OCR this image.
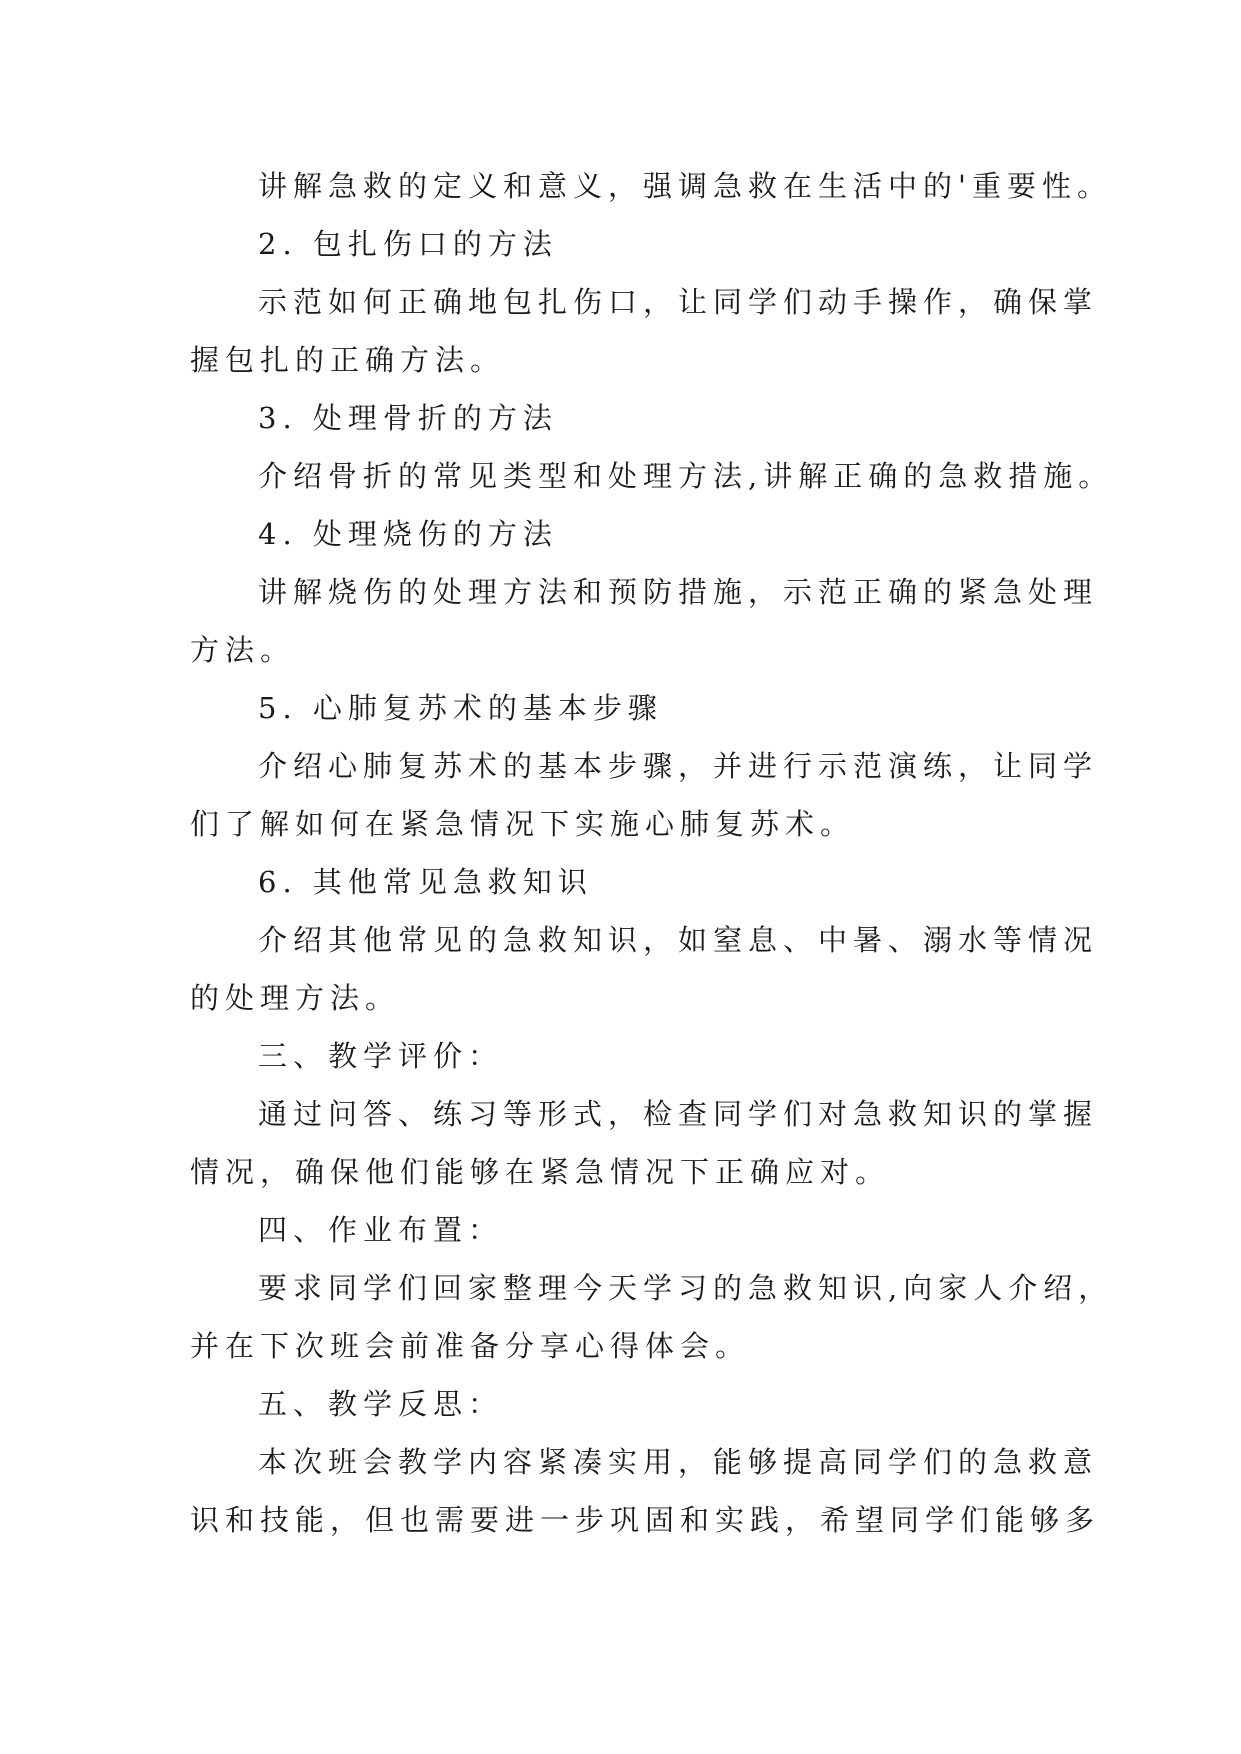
讲解急救的定义和意义，强调急救在生活中的'重要性。
2. 包扎伤口的方法
示范如何正确地包扎伤口，让同学们动手操作，确保掌
握包扎的正确方法。
3. 处理骨折的方法
介绍骨折的常见类型和处理方法,讲解正确的急救措施。
4. 处理烧伤的方法
讲解烧伤的处理方法和预防措施，示范正确的紧急处理
方法。
5. 心肺复苏术的基本步骤
介绍心肺复苏术的基本步骤，并进行示范演练，让同学
们了解如何在紧急情况下实施心肺复苏术。
6. 其他常见急救知识
介绍其他常见的急救知识，如窒息、中暑、溺水等情况
的处理方法。
三、教学评价：
通过问答、练习等形式，检查同学们对急救知识的掌握
情况，确保他们能够在紧急情况下正确应对。
四、作业布置：
要求同学们回家整理今天学习的急救知识,向家人介绍，
并在下次班会前准备分享心得体会。
五、教学反思：
本次班会教学内容紧凑实用，能够提高同学们的急救意
识和技能，但也需要进一步巩固和实践，希望同学们能够多
